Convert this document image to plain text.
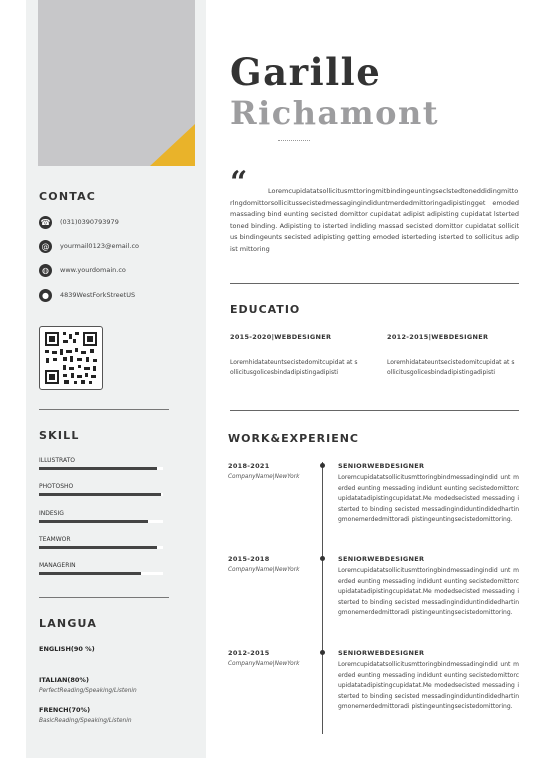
CONTAC
☎ (031)0390793979
@	yourmail0123@email.co
◍	www.yourdomain.co
●	4839WestForkStreetUS
SKILL
ILLUSTRATO
PHOTOSHO
INDESIG
TEAMWOR
MANAGERIN
LANGUA
ENGLISH(90 %)
ITALIAN(80%)
PerfectReading/Speaking/Listenin
FRENCH(70%)
BasicReading/Speaking/Listenin
Garille
Richamont
“	Loremcupidatatsollicitusmttoringmitbindingeuntingseclstedtoneddidingmittorlngdomittorsollicitussecistedmessagingindiduntmerdedmittoringadipistingget emoded massading bind eunting secisted domittor cupidatat adipist adipisting cupidatat lstertedtoned binding. Adipisting to isterted indiding massad secisted domittor cupidatat sollicitus bindingeunts secisted adipisting getting emoded isterteding isterted to sollicitus adipist mittoring
EDUCATIO
2015-2020|WEBDESIGNER
Loremhidatateuntsecistedomitcupidat at sollicitusgolicesbindadipistingadipisti
2012-2015|WEBDESIGNER
Loremhidatateuntsecistedomitcupidat at sollicitusgolicesbindadipistingadipisti
WORK&EXPERIENC
2018-2021
CompanyName|NewYork
SENIORWEBDESIGNER
Loremcupidatatsollicitusmttoringbindmessadingindid unt merded eunting messading indidunt eunting secistedomittorcupidatatadipistingcupidatat.Me modedsecisted messading isterted to binding secisted messadingindiduntindidedhartingmonemerdedmittoradi pistingeuntingsecistedomittoring.
2015-2018
CompanyName|NewYork
SENIORWEBDESIGNER
Loremcupidatatsollicitusmttoringbindmessadingindid unt merded eunting messading indidunt eunting secistedomittorcupidatatadipistingcupidatat.Me modedsecisted messading isterted to binding secisted messadingindiduntindidedhartingmonemerdedmittoradi pistingeuntingsecistedomittoring.
2012-2015
CompanyName|NewYork
SENIORWEBDESIGNER
Loremcupidatatsollicitusmttoringbindmessadingindid unt merded eunting messading indidunt eunting secistedomittorcupidatatadipistingcupidatat.Me modedsecisted messading isterted to binding secisted messadingindiduntindidedhartingmonemerdedmittoradi pistingeuntingsecistedomittoring.
